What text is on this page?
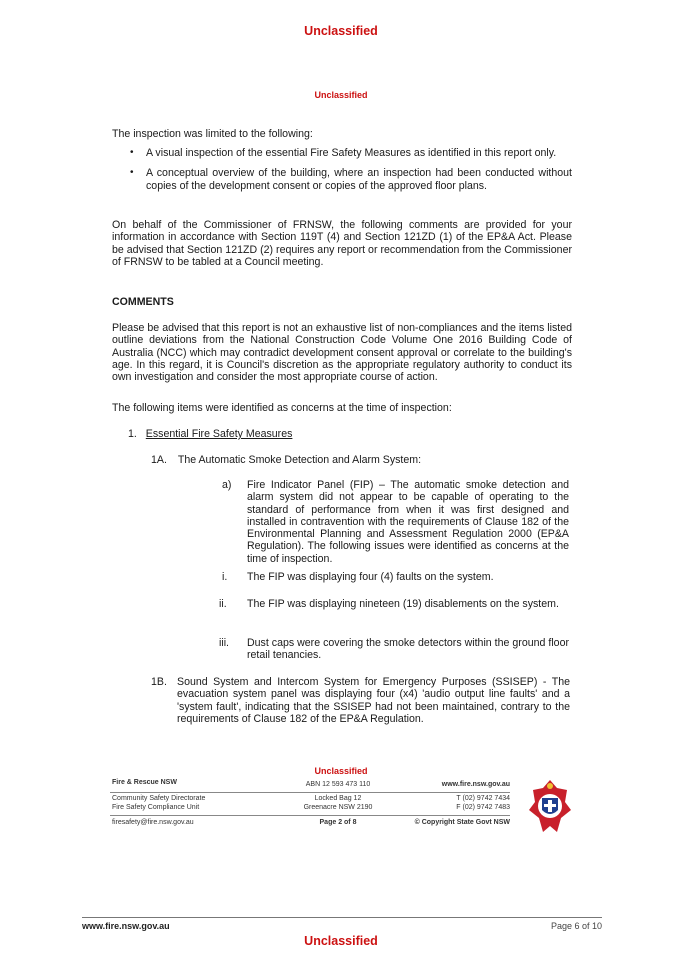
Unclassified
Unclassified
The inspection was limited to the following:
• A visual inspection of the essential Fire Safety Measures as identified in this report only.
• A conceptual overview of the building, where an inspection had been conducted without copies of the development consent or copies of the approved floor plans.
On behalf of the Commissioner of FRNSW, the following comments are provided for your information in accordance with Section 119T (4) and Section 121ZD (1) of the EP&A Act. Please be advised that Section 121ZD (2) requires any report or recommendation from the Commissioner of FRNSW to be tabled at a Council meeting.
COMMENTS
Please be advised that this report is not an exhaustive list of non-compliances and the items listed outline deviations from the National Construction Code Volume One 2016 Building Code of Australia (NCC) which may contradict development consent approval or correlate to the building's age. In this regard, it is Council's discretion as the appropriate regulatory authority to conduct its own investigation and consider the most appropriate course of action.
The following items were identified as concerns at the time of inspection:
1. Essential Fire Safety Measures
1A. The Automatic Smoke Detection and Alarm System:
a)	Fire Indicator Panel (FIP) – The automatic smoke detection and alarm system did not appear to be capable of operating to the standard of performance from when it was first designed and installed in contravention with the requirements of Clause 182 of the Environmental Planning and Assessment Regulation 2000 (EP&A Regulation). The following issues were identified as concerns at the time of inspection.
i.	The FIP was displaying four (4) faults on the system.
ii.	The FIP was displaying nineteen (19) disablements on the system.
iii.	Dust caps were covering the smoke detectors within the ground floor retail tenancies.
1B. Sound System and Intercom System for Emergency Purposes (SSISEP) - The evacuation system panel was displaying four (x4) 'audio output line faults' and a 'system fault', indicating that the SSISEP had not been maintained, contrary to the requirements of Clause 182 of the EP&A Regulation.
Unclassified
Fire & Rescue NSW	ABN 12 593 473 110	www.fire.nsw.gov.au
Community Safety Directorate
Fire Safety Compliance Unit
Locked Bag 12
Greenacre NSW 2190
T (02) 9742 7434
F (02) 9742 7483
firesafety@fire.nsw.gov.au	Page 2 of 8	© Copyright State Govt NSW
www.fire.nsw.gov.au	Page 6 of 10
Unclassified
